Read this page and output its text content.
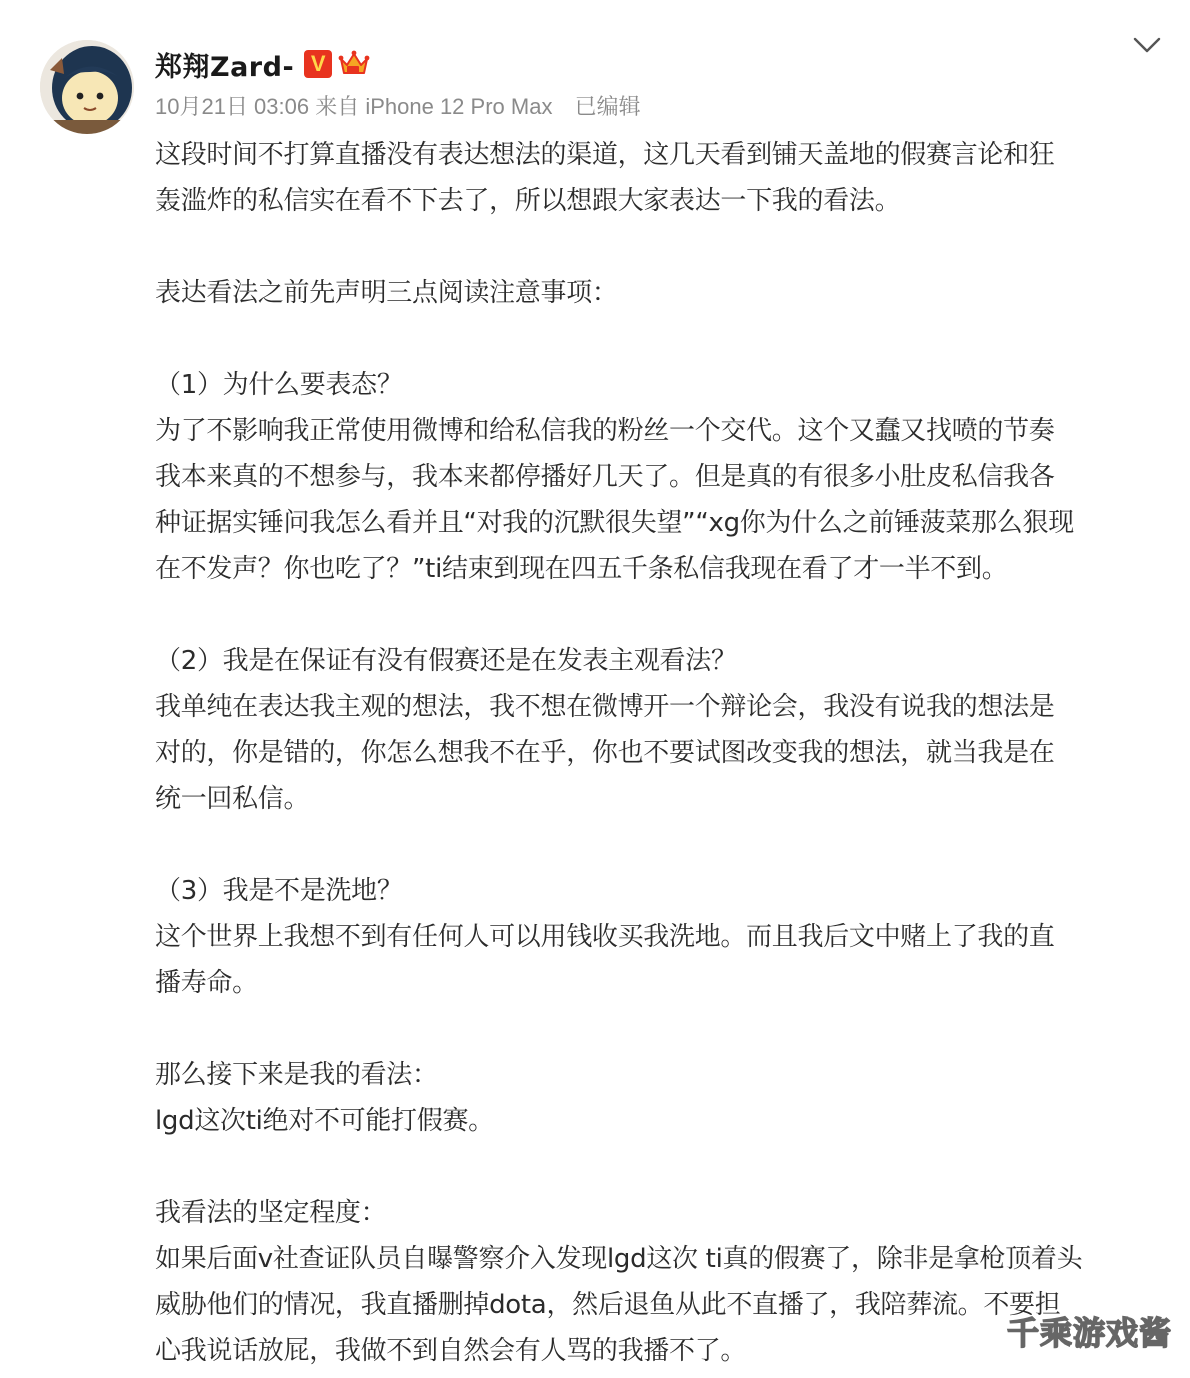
郑翔Zard- V
10月21日 03:06 来自 iPhone 12 Pro Max 已编辑
这段时间不打算直播没有表达想法的渠道，这几天看到铺天盖地的假赛言论和狂
轰滥炸的私信实在看不下去了，所以想跟大家表达一下我的看法。
表达看法之前先声明三点阅读注意事项：
（1）为什么要表态？
为了不影响我正常使用微博和给私信我的粉丝一个交代。这个又蠢又找喷的节奏
我本来真的不想参与，我本来都停播好几天了。但是真的有很多小肚皮私信我各
种证据实锤问我怎么看并且“对我的沉默很失望”“xg你为什么之前锤菠菜那么狠现
在不发声？你也吃了？”ti结束到现在四五千条私信我现在看了才一半不到。
（2）我是在保证有没有假赛还是在发表主观看法？
我单纯在表达我主观的想法，我不想在微博开一个辩论会，我没有说我的想法是
对的，你是错的，你怎么想我不在乎，你也不要试图改变我的想法，就当我是在
统一回私信。
（3）我是不是洗地？
这个世界上我想不到有任何人可以用钱收买我洗地。而且我后文中赌上了我的直
播寿命。
那么接下来是我的看法：
lgd这次ti绝对不可能打假赛。
我看法的坚定程度：
如果后面v社查证队员自曝警察介入发现lgd这次 ti真的假赛了，除非是拿枪顶着头
威胁他们的情况，我直播删掉dota，然后退鱼从此不直播了，我陪葬流。不要担
心我说话放屁，我做不到自然会有人骂的我播不了。	千乘游戏酱
